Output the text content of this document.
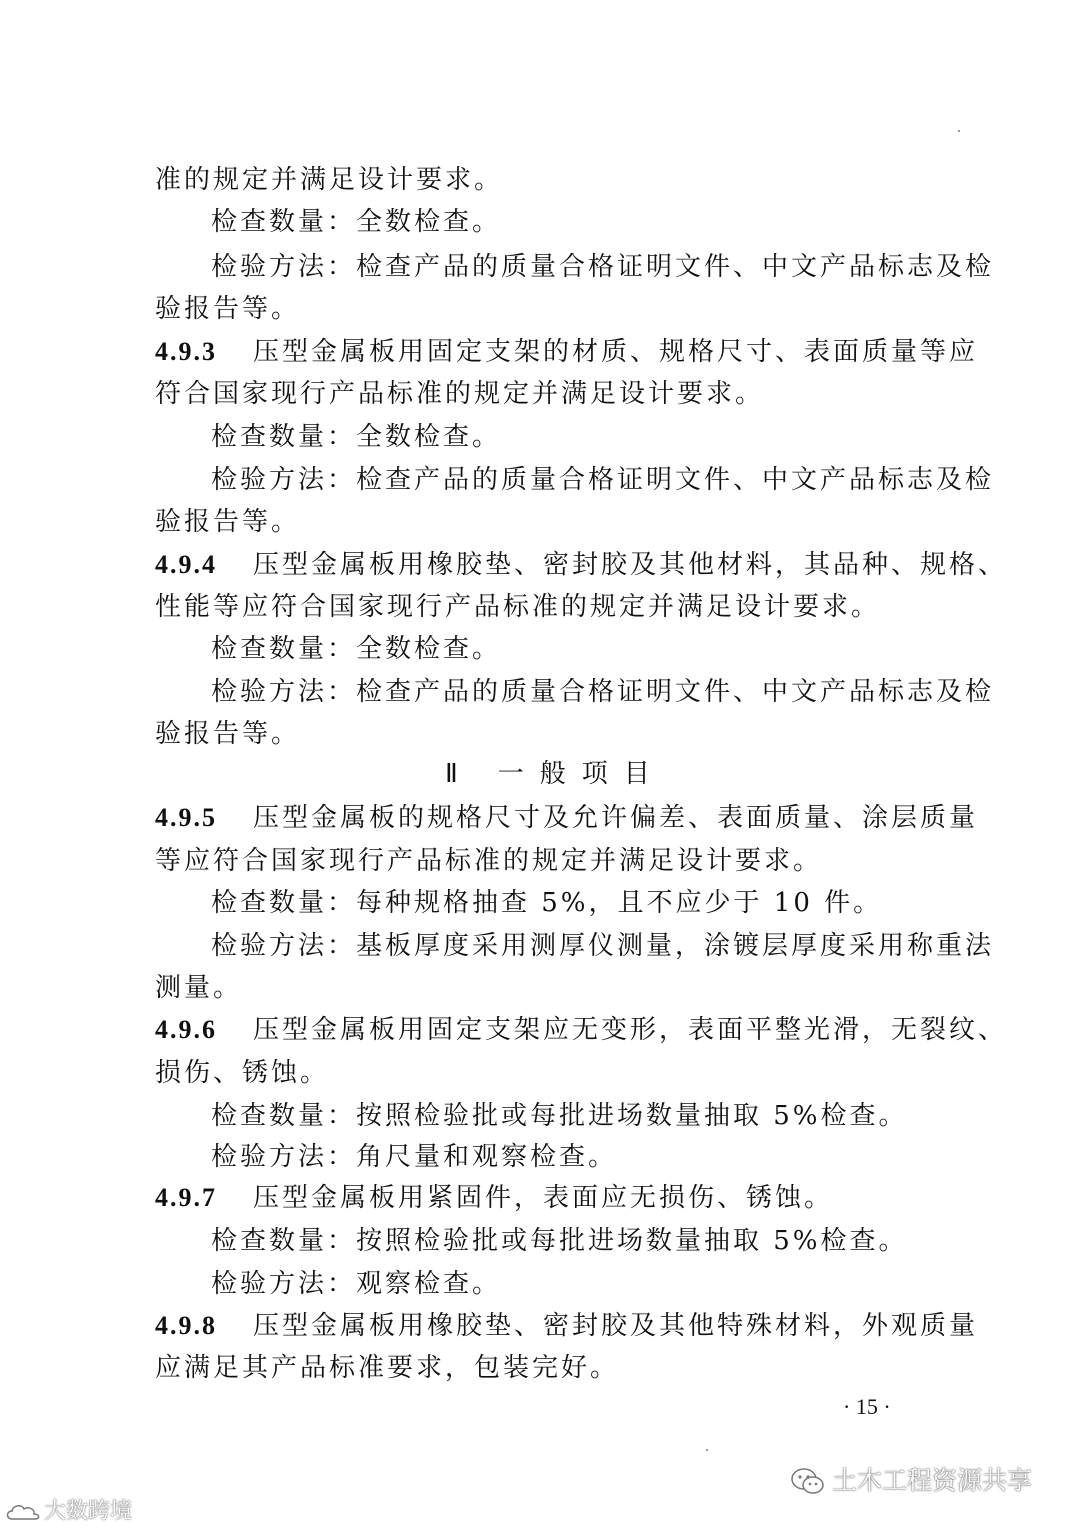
准的规定并满足设计要求。
检查数量：全数检查。
检验方法：检查产品的质量合格证明文件、中文产品标志及检
验报告等。
4.9.3 压型金属板用固定支架的材质、规格尺寸、表面质量等应
符合国家现行产品标准的规定并满足设计要求。
检查数量：全数检查。
检验方法：检查产品的质量合格证明文件、中文产品标志及检
验报告等。
4.9.4 压型金属板用橡胶垫、密封胶及其他材料，其品种、规格、
性能等应符合国家现行产品标准的规定并满足设计要求。
检查数量：全数检查。
检验方法：检查产品的质量合格证明文件、中文产品标志及检
验报告等。
Ⅱ 一般项目
4.9.5 压型金属板的规格尺寸及允许偏差、表面质量、涂层质量
等应符合国家现行产品标准的规定并满足设计要求。
检查数量：每种规格抽查 5%，且不应少于 10 件。
检验方法：基板厚度采用测厚仪测量，涂镀层厚度采用称重法
测量。
4.9.6 压型金属板用固定支架应无变形，表面平整光滑，无裂纹、
损伤、锈蚀。
检查数量：按照检验批或每批进场数量抽取 5%检查。
检验方法：角尺量和观察检查。
4.9.7 压型金属板用紧固件，表面应无损伤、锈蚀。
检查数量：按照检验批或每批进场数量抽取 5%检查。
检验方法：观察检查。
4.9.8 压型金属板用橡胶垫、密封胶及其他特殊材料，外观质量
应满足其产品标准要求，包装完好。
· 15 ·
土木工程资源共享
大数跨境
